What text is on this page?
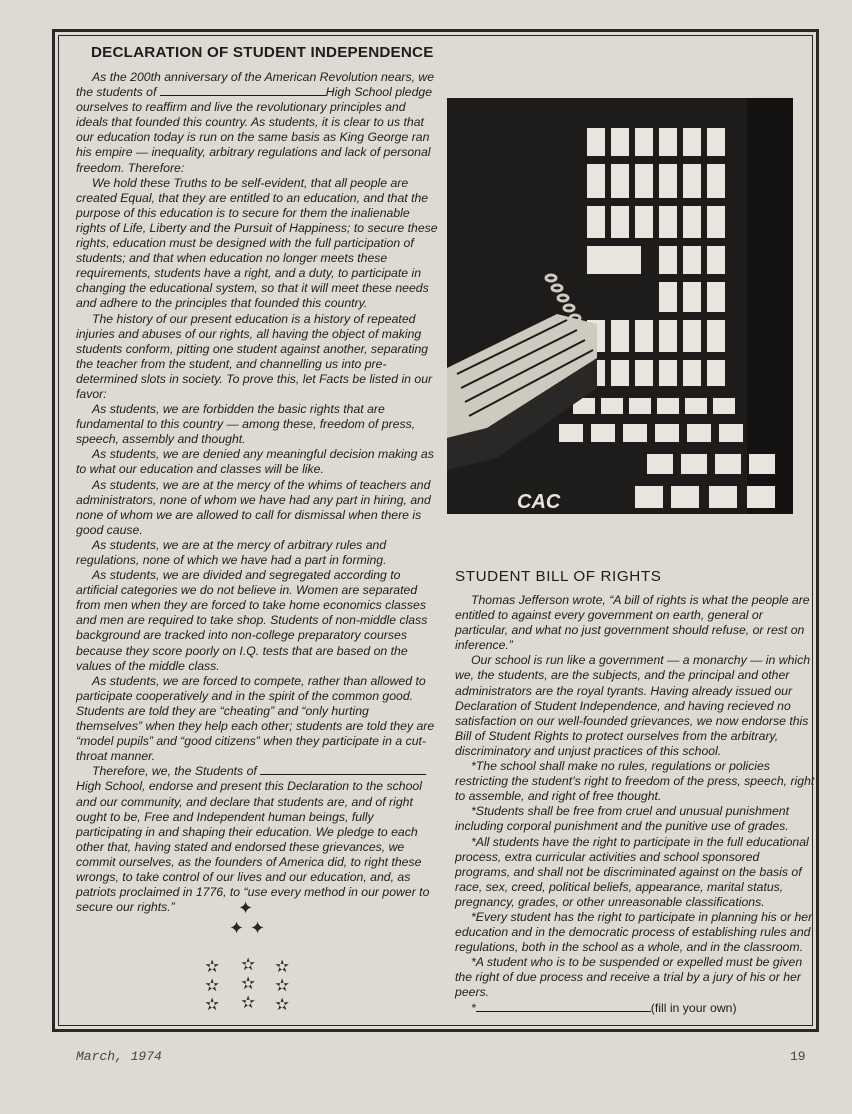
DECLARATION OF STUDENT INDEPENDENCE

As the 200th anniversary of the American Revolution nears, we the students of	High School pledge ourselves to reaffirm and live the revolutionary principles and ideals that founded this country. As students, it is clear to us that our education today is run on the same basis as King George ran his empire — inequality, arbitrary regulations and lack of personal freedom. Therefore:

We hold these Truths to be self-evident, that all people are created Equal, that they are entitled to an education, and that the purpose of this education is to secure for them the inalienable rights of Life, Liberty and the Pursuit of Happiness; to secure these rights, education must be designed with the full participation of students; and that when education no longer meets these requirements, students have a right, and a duty, to participate in changing the educational system, so that it will meet these needs and adhere to the principles that founded this country.

The history of our present education is a history of repeated injuries and abuses of our rights, all having the object of making students conform, pitting one student against another, separating the teacher from the student, and channelling us into pre-determined slots in society. To prove this, let Facts be listed in our favor:

As students, we are forbidden the basic rights that are fundamental to this country — among these, freedom of press, speech, assembly and thought.

As students, we are denied any meaningful decision making as to what our education and classes will be like.

As students, we are at the mercy of the whims of teachers and administrators, none of whom we have had any part in hiring, and none of whom we are allowed to call for dismissal when there is good cause.

As students, we are at the mercy of arbitrary rules and regulations, none of which we have had a part in forming.

As students, we are divided and segregated according to artificial categories we do not believe in. Women are separated from men when they are forced to take home economics classes and men are required to take shop. Students of non-middle class background are tracked into non-college preparatory courses because they score poorly on I.Q. tests that are based on the values of the middle class.

As students, we are forced to compete, rather than allowed to participate cooperatively and in the spirit of the common good. Students are told they are “cheating” and “only hurting themselves” when they help each other; students are told they are “model pupils” and “good citizens” when they participate in a cut-throat manner.

Therefore, we, the Students of  High School, endorse and present this Declaration to the school and our community, and declare that students are, and of right ought to be, Free and Independent human beings, fully participating in and shaping their education. We pledge to each other that, having stated and endorsed these grievances, we commit ourselves, as the founders of America did, to right these wrongs, to take control of our lives and our education, and, as patriots proclaimed in 1776, to “use every method in our power to secure our rights.”	✦
✦ ✦
✫ ✫ ✫
✫ ✫ ✫
✫ ✫ ✫
CAC
STUDENT BILL OF RIGHTS

Thomas Jefferson wrote, “A bill of rights is what the people are entitled to against every government on earth, general or particular, and what no just government should refuse, or rest on inference.”

Our school is run like a government — a monarchy — in which we, the students, are the subjects, and the principal and other administrators are the royal tyrants. Having already issued our Declaration of Student Independence, and having recieved no satisfaction on our well-founded grievances, we now endorse this Bill of Student Rights to protect ourselves from the arbitrary, discriminatory and unjust practices of this school.

*The school shall make no rules, regulations or policies restricting the student’s right to freedom of the press, speech, right to assemble, and right of free thought.

*Students shall be free from cruel and unusual punishment including corporal punishment and the punitive use of grades.

*All students have the right to participate in the full educational process, extra curricular activities and school sponsored programs, and shall not be discriminated against on the basis of race, sex, creed, political beliefs, appearance, marital status, pregnancy, grades, or other unreasonable classifications.

*Every student has the right to participate in planning his or her education and in the democratic process of establishing rules and regulations, both in the school as a whole, and in the classroom.

*A student who is to be suspended or expelled must be given the right of due process and receive a trial by a jury of his or her peers.

*	(fill in your own)

March, 1974	19
